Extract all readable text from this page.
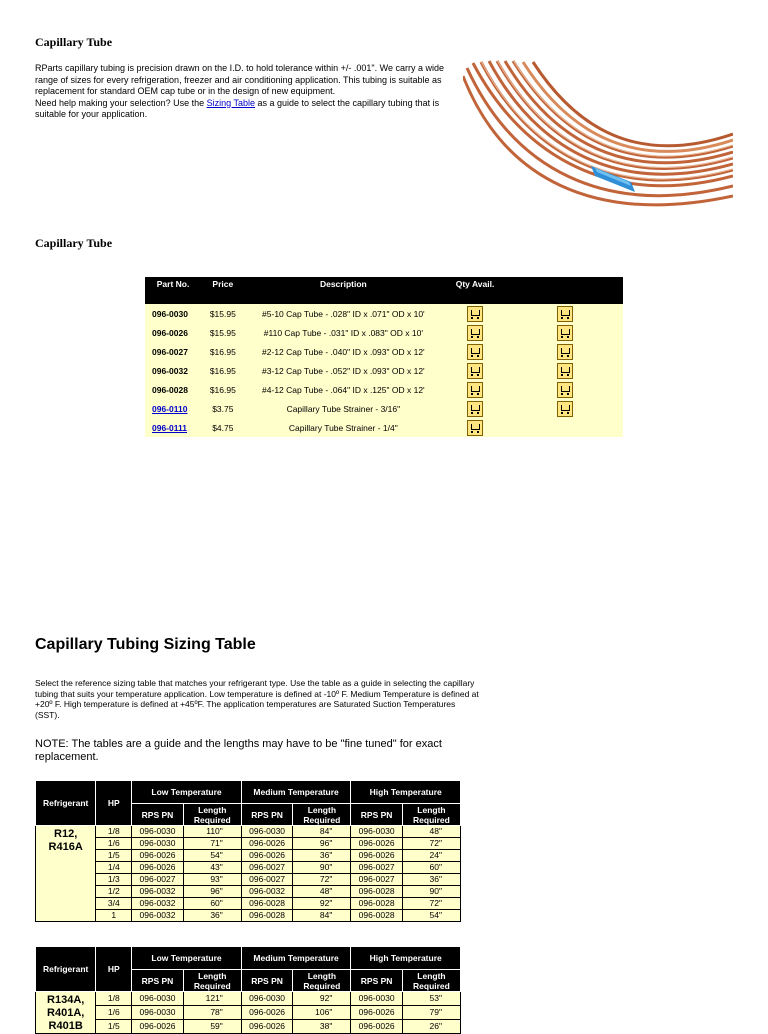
Capillary Tube
RParts capillary tubing is precision drawn on the I.D. to hold tolerance within +/- .001". We carry a wide range of sizes for every refrigeration, freezer and air conditioning application. This tubing is suitable as replacement for standard OEM cap tube or in the design of new equipment.
Need help making your selection? Use the Sizing Table as a guide to select the capillary tubing that is suitable for your application.
Capillary Tube
Part No.	Price	Description	Qty Avail.	
096-0030	$15.95	#5-10 Cap Tube - .028" ID x .071" OD x 10'		
096-0026	$15.95	#110 Cap Tube - .031" ID x .083" OD x 10'		
096-0027	$16.95	#2-12 Cap Tube - .040" ID x .093" OD x 12'		
096-0032	$16.95	#3-12 Cap Tube - .052" ID x .093" OD x 12'		
096-0028	$16.95	#4-12 Cap Tube - .064" ID x .125" OD x 12'		
096-0110	$3.75	Capillary Tube Strainer - 3/16"		
096-0111	$4.75	Capillary Tube Strainer - 1/4"		
Capillary Tubing Sizing Table
Select the reference sizing table that matches your refrigerant type. Use the table as a guide in selecting the capillary tubing that suits your temperature application. Low temperature is defined at -10º F. Medium Temperature is defined at +20º F. High temperature is defined at +45ºF. The application temperatures are Saturated Suction Temperatures (SST).
NOTE: The tables are a guide and the lengths may have to be "fine tuned" for exact replacement.
Refrigerant	HP	Low Temperature		Medium Temperature		High Temperature	
		RPS PN	Length Required	RPS PN	Length Required	RPS PN	Length Required
R12, R416A	1/8	096-0030	110"	096-0030	84"	096-0030	48"
	1/6	096-0030	71"	096-0026	96"	096-0026	72"
	1/5	096-0026	54"	096-0026	36"	096-0026	24"
	1/4	096-0026	43"	096-0027	90"	096-0027	60"
	1/3	096-0027	93"	096-0027	72"	096-0027	36"
	1/2	096-0032	96"	096-0032	48"	096-0028	90"
	3/4	096-0032	60"	096-0028	92"	096-0028	72"
	1	096-0032	36"	096-0028	84"	096-0028	54"
Refrigerant	HP	Low Temperature		Medium Temperature		High Temperature	
		RPS PN	Length Required	RPS PN	Length Required	RPS PN	Length Required
R134A, R401A, R401B	1/8	096-0030	121"	096-0030	92"	096-0030	53"
	1/6	096-0030	78"	096-0026	106"	096-0026	79"
	1/5	096-0026	59"	096-0026	38"	096-0026	26"
